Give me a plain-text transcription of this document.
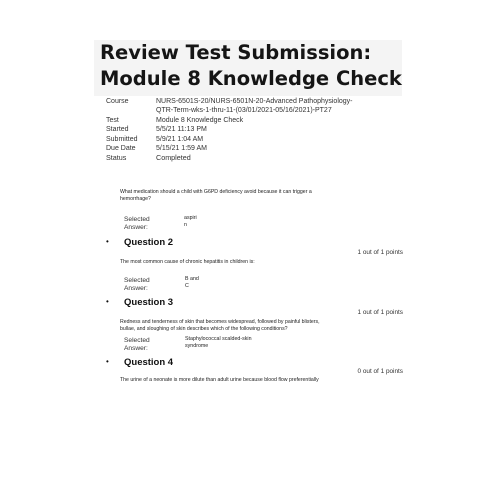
Review Test Submission:
Module 8 Knowledge Check
Course	NURS-6501S-20/NURS-6501N-20-Advanced Pathophysiology-
QTR-Term-wks-1-thru-11-(03/01/2021-05/16/2021)-PT27
Test	Module 8 Knowledge Check
Started	5/5/21 11:13 PM
Submitted	5/9/21 1:04 AM
Due Date	5/15/21 1:59 AM
Status	Completed
What medication should a child with G6PD deficiency avoid because it can trigger a
hemorrhage?
Selected
Answer:
aspiri
n
• Question 2
1 out of 1 points
The most common cause of chronic hepatitis in children is:
Selected
Answer:
B and
C
• Question 3
1 out of 1 points
Redness and tenderness of skin that becomes widespread, followed by painful blisters,
bullae, and sloughing of skin describes which of the following conditions?
Selected
Answer:
Staphylococcal scalded-skin
syndrome
• Question 4
0 out of 1 points
The urine of a neonate is more dilute than adult urine because blood flow preferentially
